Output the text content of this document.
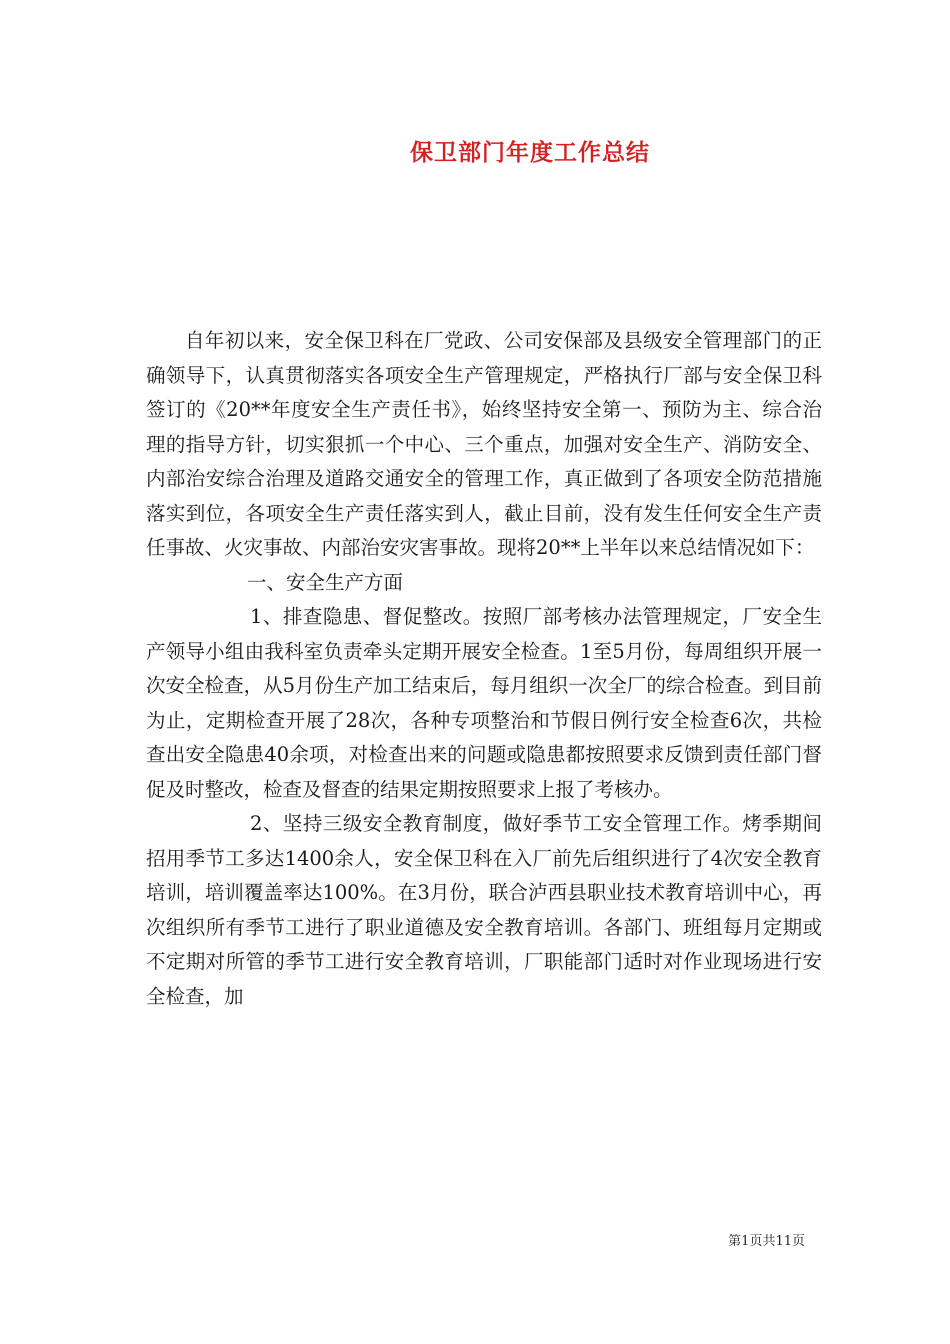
保卫部门年度工作总结

自年初以来，安全保卫科在厂党政、公司安保部及县级安全管理部门的正确领导下，认真贯彻落实各项安全生产管理规定，严格执行厂部与安全保卫科签订的《20**年度安全生产责任书》，始终坚持安全第一、预防为主、综合治理的指导方针，切实狠抓一个中心、三个重点，加强对安全生产、消防安全、内部治安综合治理及道路交通安全的管理工作，真正做到了各项安全防范措施落实到位，各项安全生产责任落实到人，截止目前，没有发生任何安全生产责任事故、火灾事故、内部治安灾害事故。现将20**上半年以来总结情况如下：

一、安全生产方面

1、排查隐患、督促整改。按照厂部考核办法管理规定，厂安全生产领导小组由我科室负责牵头定期开展安全检查。1至5月份，每周组织开展一次安全检查，从5月份生产加工结束后，每月组织一次全厂的综合检查。到目前为止，定期检查开展了28次，各种专项整治和节假日例行安全检查6次，共检查出安全隐患40余项，对检查出来的问题或隐患都按照要求反馈到责任部门督促及时整改，检查及督查的结果定期按照要求上报了考核办。

2、坚持三级安全教育制度，做好季节工安全管理工作。烤季期间招用季节工多达1400余人，安全保卫科在入厂前先后组织进行了4次安全教育培训，培训覆盖率达100%。在3月份，联合泸西县职业技术教育培训中心，再次组织所有季节工进行了职业道德及安全教育培训。各部门、班组每月定期或不定期对所管的季节工进行安全教育培训，厂职能部门适时对作业现场进行安全检查，加

第1页共11页
